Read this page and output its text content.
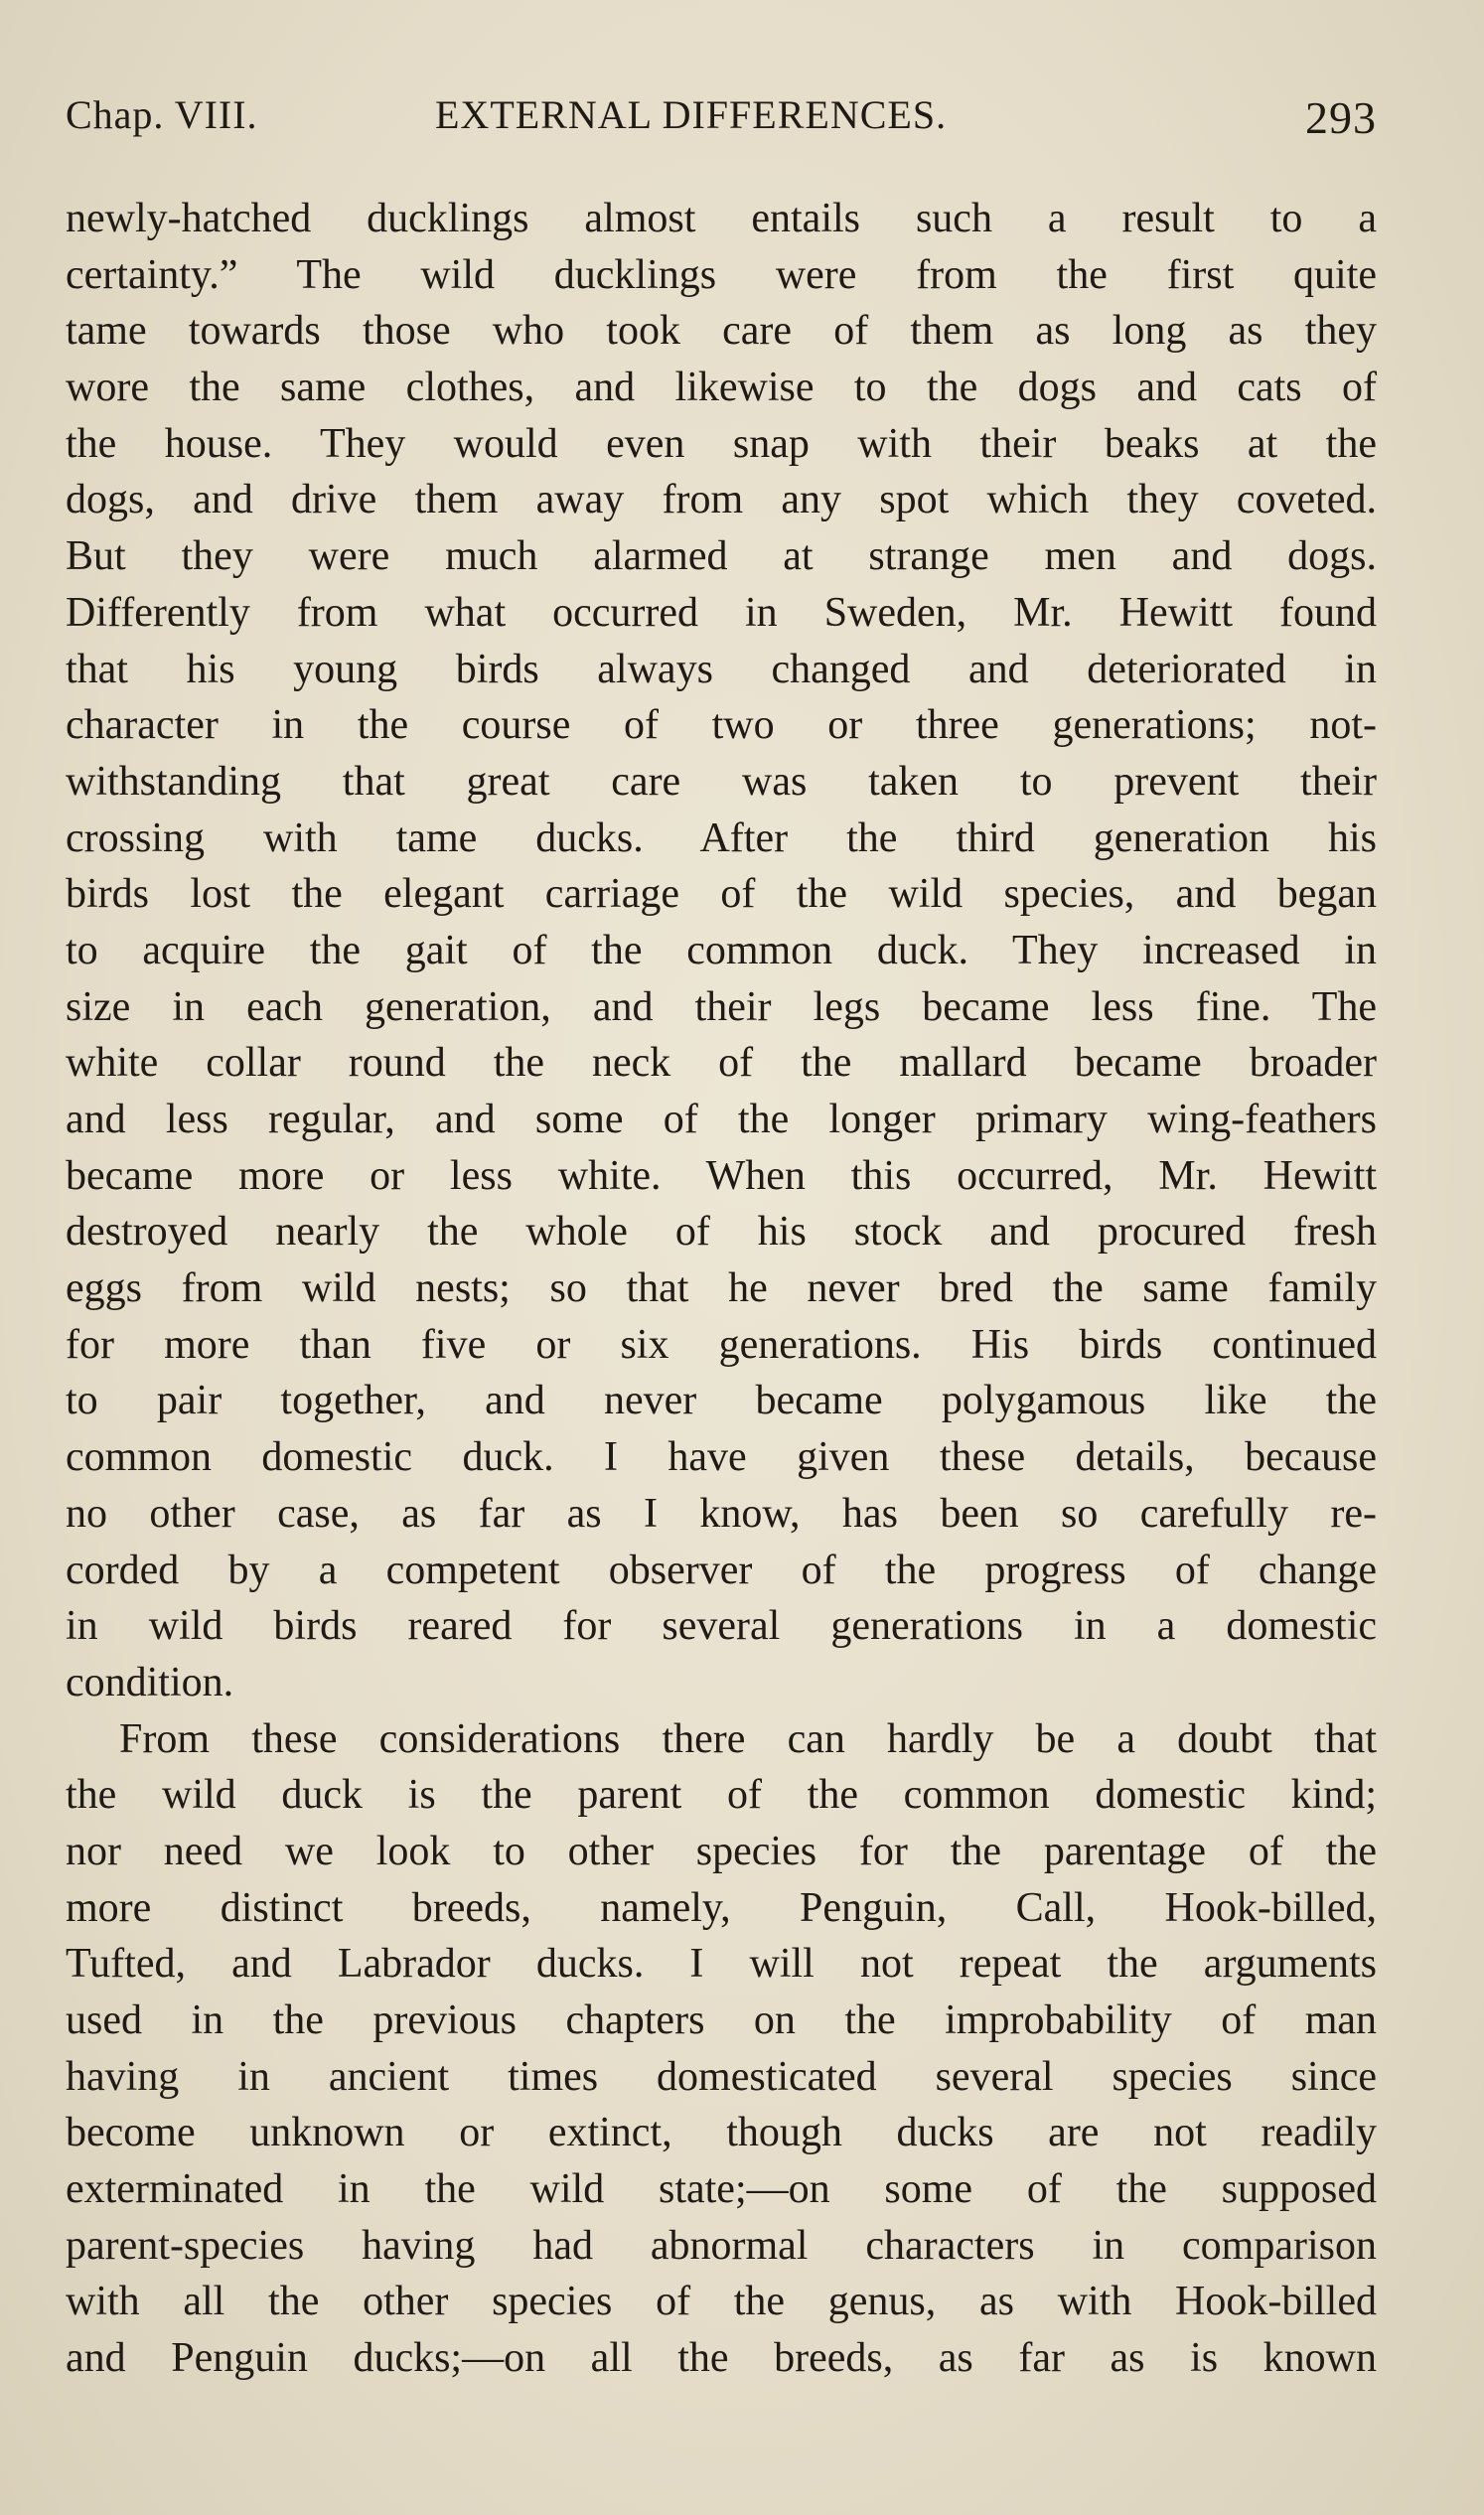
Chap. VIII.	EXTERNAL DIFFERENCES.	293
newly-hatched ducklings almost entails such a result to a
certainty.” The wild ducklings were from the first quite
tame towards those who took care of them as long as they
wore the same clothes, and likewise to the dogs and cats of
the house. They would even snap with their beaks at the
dogs, and drive them away from any spot which they coveted.
But they were much alarmed at strange men and dogs.
Differently from what occurred in Sweden, Mr. Hewitt found
that his young birds always changed and deteriorated in
character in the course of two or three generations; not-
withstanding that great care was taken to prevent their
crossing with tame ducks. After the third generation his
birds lost the elegant carriage of the wild species, and began
to acquire the gait of the common duck. They increased in
size in each generation, and their legs became less fine. The
white collar round the neck of the mallard became broader
and less regular, and some of the longer primary wing-feathers
became more or less white. When this occurred, Mr. Hewitt
destroyed nearly the whole of his stock and procured fresh
eggs from wild nests; so that he never bred the same family
for more than five or six generations. His birds continued
to pair together, and never became polygamous like the
common domestic duck. I have given these details, because
no other case, as far as I know, has been so carefully re-
corded by a competent observer of the progress of change
in wild birds reared for several generations in a domestic
condition.
From these considerations there can hardly be a doubt that
the wild duck is the parent of the common domestic kind;
nor need we look to other species for the parentage of the
more distinct breeds, namely, Penguin, Call, Hook-billed,
Tufted, and Labrador ducks. I will not repeat the arguments
used in the previous chapters on the improbability of man
having in ancient times domesticated several species since
become unknown or extinct, though ducks are not readily
exterminated in the wild state;—on some of the supposed
parent-species having had abnormal characters in comparison
with all the other species of the genus, as with Hook-billed
and Penguin ducks;—on all the breeds, as far as is known
